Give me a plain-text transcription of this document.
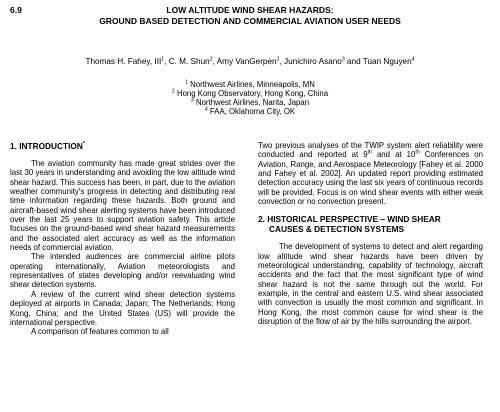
6.9	LOW ALTITUDE WIND SHEAR HAZARDS:
GROUND BASED DETECTION AND COMMERCIAL AVIATION USER NEEDS
Thomas H. Fahey, III$^1$, C. M. Shun$^2$, Amy VanGerpen$^1$, Junichiro Asano$^3$ and Tuan Nguyen$^4$
$^1$ Northwest Airlines, Minneapolis, MN
$^2$ Hong Kong Observatory, Hong Kong, China
$^3$ Northwest Airlines, Narita, Japan
$^4$ FAA, Oklahoma City, OK

1. INTRODUCTION*

The aviation community has made great strides over the last 30 years in understanding and avoiding the low altitude wind shear hazard. This success has been, in part, due to the aviation weather community's progress in detecting and distributing real time information regarding these hazards. Both ground and aircraft-based wind shear alerting systems have been introduced over the last 25 years to support aviation safety. This article focuses on the ground-based wind shear hazard measurements and the associated alert accuracy as well as the information needs of commercial aviation.

The intended audiences are commercial airline pilots operating internationally, Aviation meteorologists and representatives of states developing and/or reevaluating wind shear detection systems.

A review of the current wind shear detection systems deployed at airports in Canada; Japan; The Netherlands; Hong Kong, China; and the United States (US) will provide the international perspective.

A comparison of features common to all

Two previous analyses of the TWIP system alert reliability were conducted and reported at 9th and at 10th Conferences on Aviation, Range, and Aerospace Meteorology [Fahey et al. 2000 and Fahey et al. 2002]. An updated report providing estimated detection accuracy using the last six years of continuous records will be provided. Focus is on wind shear events with either weak convection or no convection present.

2. HISTORICAL PERSPECTIVE – WIND SHEAR
CAUSES & DETECTION SYSTEMS

The development of systems to detect and alert regarding low altitude wind shear hazards have been driven by meteorological understanding, capability of technology, aircraft accidents and the fact that the most significant type of wind shear hazard is not the same through out the world. For example, in the central and eastern U.S. wind shear associated with convection is usually the most common and significant. In Hong Kong, the most common cause for wind shear is the disruption of the flow of air by the hills surrounding the airport.
